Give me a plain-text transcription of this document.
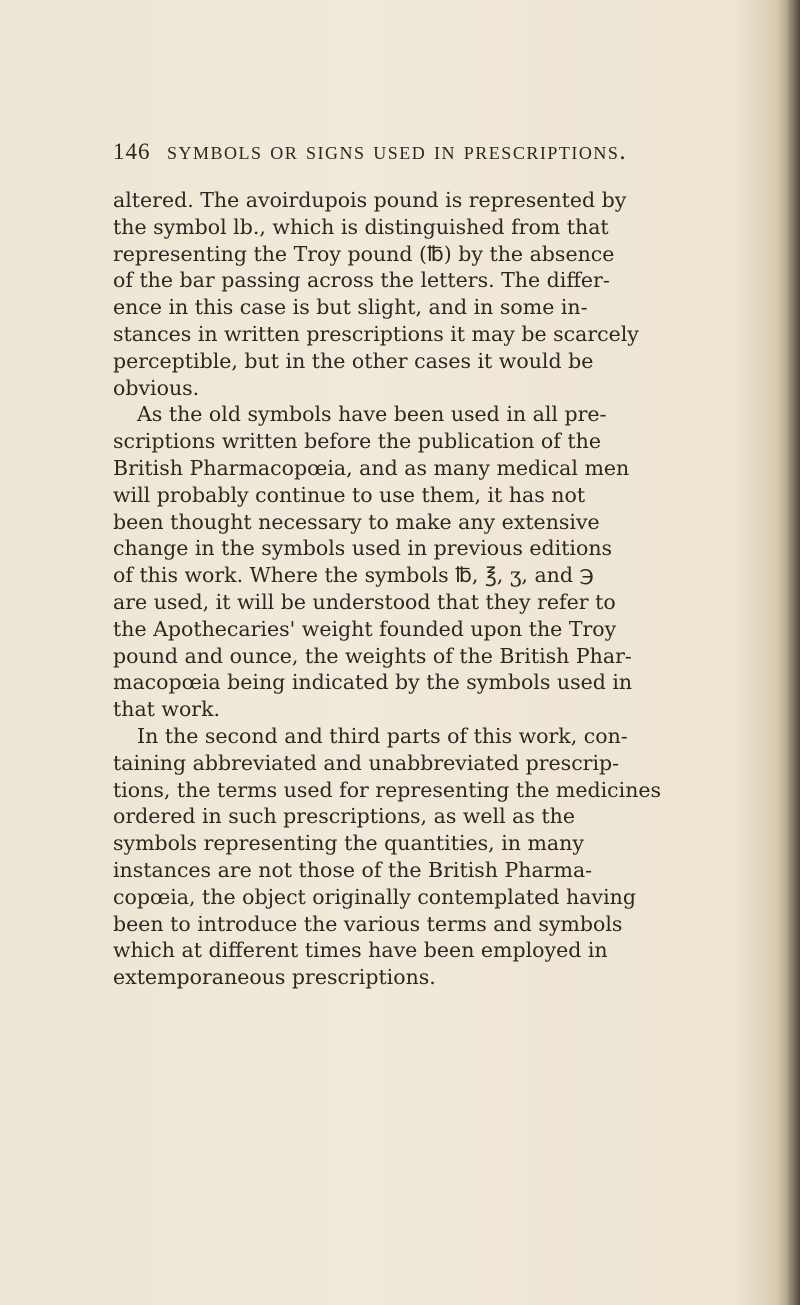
146 symbols or signs used in prescriptions.
altered. The avoirdupois pound is represented by
the symbol lb., which is distinguished from that
representing the Troy pound (℔) by the absence
of the bar passing across the letters. The differ-
ence in this case is but slight, and in some in-
stances in written prescriptions it may be scarcely
perceptible, but in the other cases it would be
obvious.
As the old symbols have been used in all pre-
scriptions written before the publication of the
British Pharmacopœia, and as many medical men
will probably continue to use them, it has not
been thought necessary to make any extensive
change in the symbols used in previous editions
of this work. Where the symbols ℔, ℥, ʒ, and ℈
are used, it will be understood that they refer to
the Apothecaries' weight founded upon the Troy
pound and ounce, the weights of the British Phar-
macopœia being indicated by the symbols used in
that work.
In the second and third parts of this work, con-
taining abbreviated and unabbreviated prescrip-
tions, the terms used for representing the medicines
ordered in such prescriptions, as well as the
symbols representing the quantities, in many
instances are not those of the British Pharma-
copœia, the object originally contemplated having
been to introduce the various terms and symbols
which at different times have been employed in
extemporaneous prescriptions.
